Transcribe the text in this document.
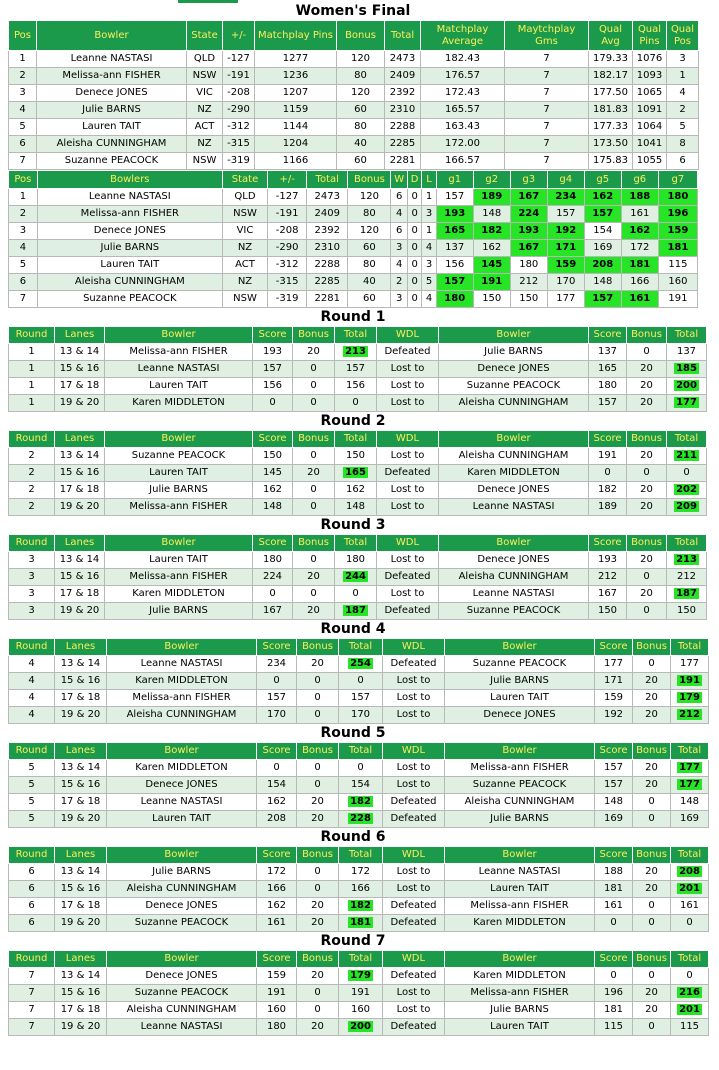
Women's Final
Pos	Bowler	State	+/-	Matchplay Pins	Bonus	Total	Matchplay Average	Maytchplay Gms	Qual Avg	Qual Pins	Qual Pos
1	Leanne NASTASI	QLD	-127	1277	120	2473	182.43	7	179.33	1076	3
2	Melissa-ann FISHER	NSW	-191	1236	80	2409	176.57	7	182.17	1093	1
3	Denece JONES	VIC	-208	1207	120	2392	172.43	7	177.50	1065	4
4	Julie BARNS	NZ	-290	1159	60	2310	165.57	7	181.83	1091	2
5	Lauren TAIT	ACT	-312	1144	80	2288	163.43	7	177.33	1064	5
6	Aleisha CUNNINGHAM	NZ	-315	1204	40	2285	172.00	7	173.50	1041	8
7	Suzanne PEACOCK	NSW	-319	1166	60	2281	166.57	7	175.83	1055	6
Pos	Bowlers	State	+/-	Total	Bonus	W	D	L	g1	g2	g3	g4	g5	g6	g7
1	Leanne NASTASI	QLD	-127	2473	120	6	0	1	157	189	167	234	162	188	180
2	Melissa-ann FISHER	NSW	-191	2409	80	4	0	3	193	148	224	157	157	161	196
3	Denece JONES	VIC	-208	2392	120	6	0	1	165	182	193	192	154	162	159
4	Julie BARNS	NZ	-290	2310	60	3	0	4	137	162	167	171	169	172	181
5	Lauren TAIT	ACT	-312	2288	80	4	0	3	156	145	180	159	208	181	115
6	Aleisha CUNNINGHAM	NZ	-315	2285	40	2	0	5	157	191	212	170	148	166	160
7	Suzanne PEACOCK	NSW	-319	2281	60	3	0	4	180	150	150	177	157	161	191
Round 1
Round	Lanes	Bowler	Score	Bonus	Total	WDL	Bowler	Score	Bonus	Total
1	13 & 14	Melissa-ann FISHER	193	20	213	Defeated	Julie BARNS	137	0	137
1	15 & 16	Leanne NASTASI	157	0	157	Lost to	Denece JONES	165	20	185
1	17 & 18	Lauren TAIT	156	0	156	Lost to	Suzanne PEACOCK	180	20	200
1	19 & 20	Karen MIDDLETON	0	0	0	Lost to	Aleisha CUNNINGHAM	157	20	177
Round 2
Round	Lanes	Bowler	Score	Bonus	Total	WDL	Bowler	Score	Bonus	Total
2	13 & 14	Suzanne PEACOCK	150	0	150	Lost to	Aleisha CUNNINGHAM	191	20	211
2	15 & 16	Lauren TAIT	145	20	165	Defeated	Karen MIDDLETON	0	0	0
2	17 & 18	Julie BARNS	162	0	162	Lost to	Denece JONES	182	20	202
2	19 & 20	Melissa-ann FISHER	148	0	148	Lost to	Leanne NASTASI	189	20	209
Round 3
Round	Lanes	Bowler	Score	Bonus	Total	WDL	Bowler	Score	Bonus	Total
3	13 & 14	Lauren TAIT	180	0	180	Lost to	Denece JONES	193	20	213
3	15 & 16	Melissa-ann FISHER	224	20	244	Defeated	Aleisha CUNNINGHAM	212	0	212
3	17 & 18	Karen MIDDLETON	0	0	0	Lost to	Leanne NASTASI	167	20	187
3	19 & 20	Julie BARNS	167	20	187	Defeated	Suzanne PEACOCK	150	0	150
Round 4
Round	Lanes	Bowler	Score	Bonus	Total	WDL	Bowler	Score	Bonus	Total
4	13 & 14	Leanne NASTASI	234	20	254	Defeated	Suzanne PEACOCK	177	0	177
4	15 & 16	Karen MIDDLETON	0	0	0	Lost to	Julie BARNS	171	20	191
4	17 & 18	Melissa-ann FISHER	157	0	157	Lost to	Lauren TAIT	159	20	179
4	19 & 20	Aleisha CUNNINGHAM	170	0	170	Lost to	Denece JONES	192	20	212
Round 5
Round	Lanes	Bowler	Score	Bonus	Total	WDL	Bowler	Score	Bonus	Total
5	13 & 14	Karen MIDDLETON	0	0	0	Lost to	Melissa-ann FISHER	157	20	177
5	15 & 16	Denece JONES	154	0	154	Lost to	Suzanne PEACOCK	157	20	177
5	17 & 18	Leanne NASTASI	162	20	182	Defeated	Aleisha CUNNINGHAM	148	0	148
5	19 & 20	Lauren TAIT	208	20	228	Defeated	Julie BARNS	169	0	169
Round 6
Round	Lanes	Bowler	Score	Bonus	Total	WDL	Bowler	Score	Bonus	Total
6	13 & 14	Julie BARNS	172	0	172	Lost to	Leanne NASTASI	188	20	208
6	15 & 16	Aleisha CUNNINGHAM	166	0	166	Lost to	Lauren TAIT	181	20	201
6	17 & 18	Denece JONES	162	20	182	Defeated	Melissa-ann FISHER	161	0	161
6	19 & 20	Suzanne PEACOCK	161	20	181	Defeated	Karen MIDDLETON	0	0	0
Round 7
Round	Lanes	Bowler	Score	Bonus	Total	WDL	Bowler	Score	Bonus	Total
7	13 & 14	Denece JONES	159	20	179	Defeated	Karen MIDDLETON	0	0	0
7	15 & 16	Suzanne PEACOCK	191	0	191	Lost to	Melissa-ann FISHER	196	20	216
7	17 & 18	Aleisha CUNNINGHAM	160	0	160	Lost to	Julie BARNS	181	20	201
7	19 & 20	Leanne NASTASI	180	20	200	Defeated	Lauren TAIT	115	0	115
